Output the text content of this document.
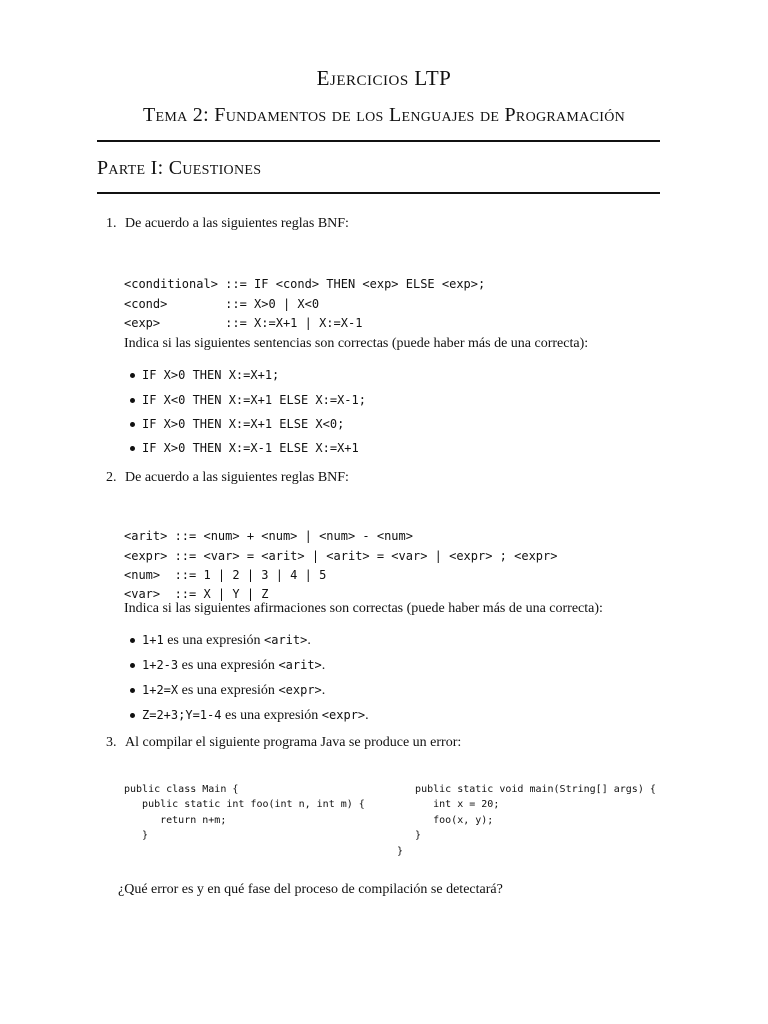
Ejercicios LTP
Tema 2: Fundamentos de los Lenguajes de Programación
Parte I: Cuestiones
1. De acuerdo a las siguientes reglas BNF:

<conditional> ::= IF <cond> THEN <exp> ELSE <exp>;
<cond>        ::= X>0 | X<0
<exp>         ::= X:=X+1 | X:=X-1

Indica si las siguientes sentencias son correctas (puede haber más de una correcta):
IF X>0 THEN X:=X+1;
IF X<0 THEN X:=X+1 ELSE X:=X-1;
IF X>0 THEN X:=X+1 ELSE X<0;
IF X>0 THEN X:=X-1 ELSE X:=X+1
2. De acuerdo a las siguientes reglas BNF:

<arit> ::= <num> + <num> | <num> - <num>
<expr> ::= <var> = <arit> | <arit> = <var> | <expr> ; <expr>
<num>  ::= 1 | 2 | 3 | 4 | 5
<var>  ::= X | Y | Z

Indica si las siguientes afirmaciones son correctas (puede haber más de una correcta):
1+1 es una expresión <arit>.
1+2-3 es una expresión <arit>.
1+2=X es una expresión <expr>.
Z=2+3;Y=1-4 es una expresión <expr>.
3. Al compilar el siguiente programa Java se produce un error:

public class Main {
public static int foo(int n, int m) {
return n+m;
}

public static void main(String[] args) {
int x = 20;
foo(x, y);
}
}

¿Qué error es y en qué fase del proceso de compilación se detectará?
